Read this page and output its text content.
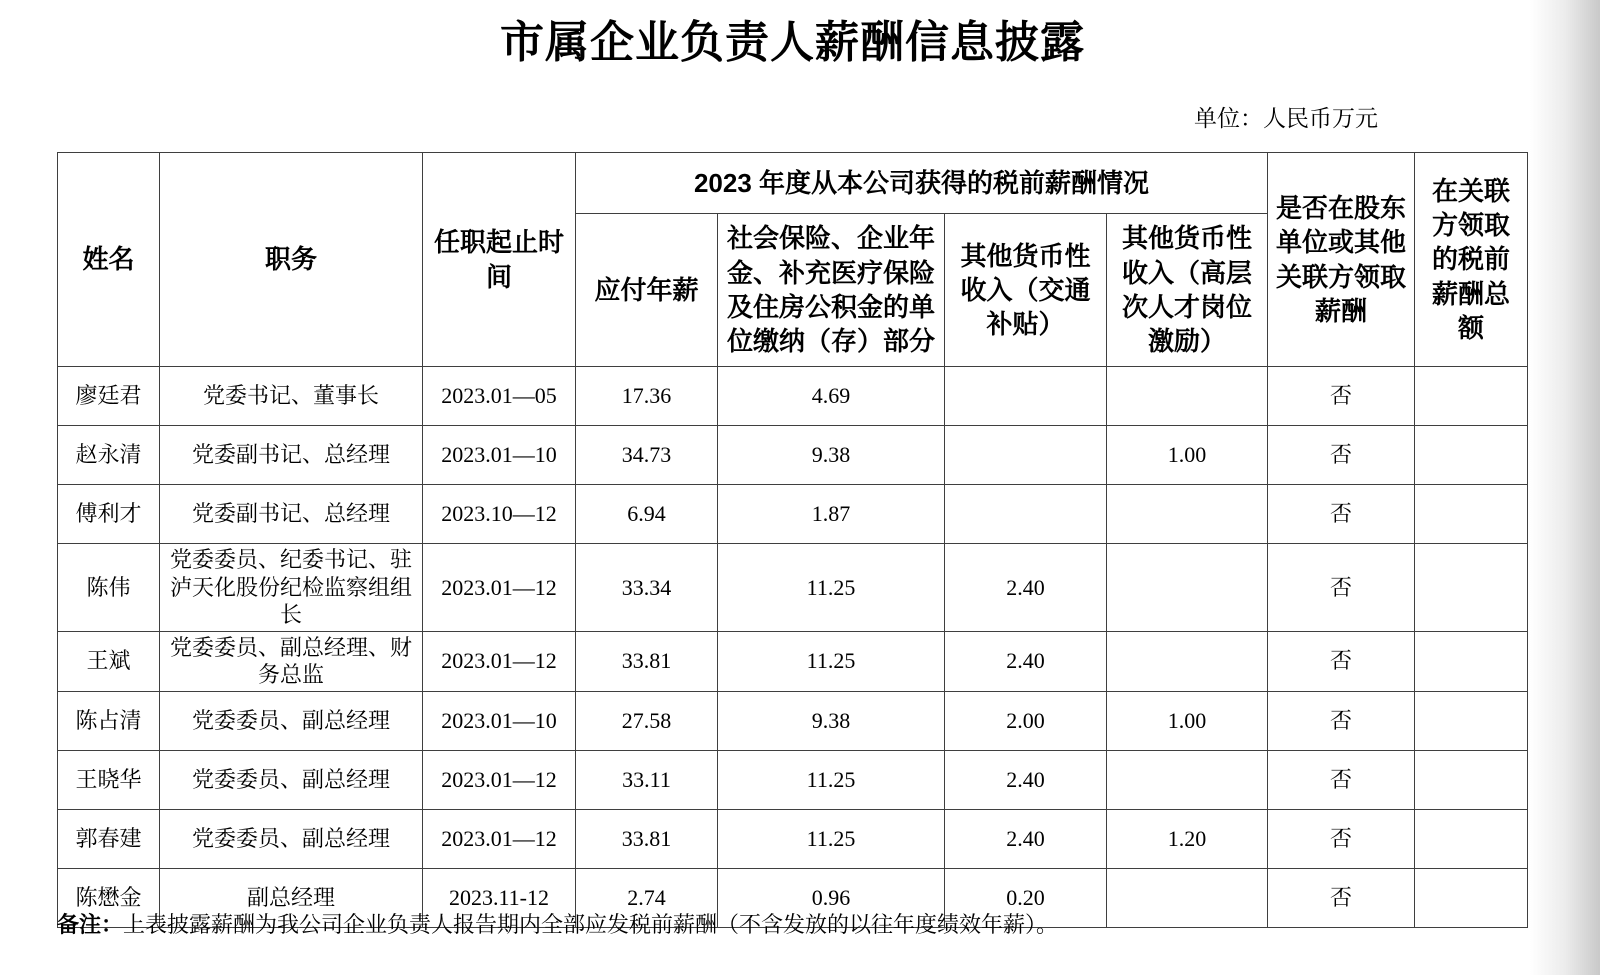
市属企业负责人薪酬信息披露
单位：人民币万元
姓名	职务	任职起止时间	2023 年度从本公司获得的税前薪酬情况				是否在股东单位或其他关联方领取薪酬	在关联方领取的税前薪酬总额
			应付年薪	社会保险、企业年金、补充医疗保险及住房公积金的单位缴纳（存）部分	其他货币性收入（交通补贴）	其他货币性收入（高层次人才岗位激励）		
廖廷君	党委书记、董事长	2023.01—05	17.36	4.69			否	
赵永清	党委副书记、总经理	2023.01—10	34.73	9.38		1.00	否	
傅利才	党委副书记、总经理	2023.10—12	6.94	1.87			否	
陈伟	党委委员、纪委书记、驻泸天化股份纪检监察组组长	2023.01—12	33.34	11.25	2.40		否	
王斌	党委委员、副总经理、财务总监	2023.01—12	33.81	11.25	2.40		否	
陈占清	党委委员、副总经理	2023.01—10	27.58	9.38	2.00	1.00	否	
王晓华	党委委员、副总经理	2023.01—12	33.11	11.25	2.40		否	
郭春建	党委委员、副总经理	2023.01—12	33.81	11.25	2.40	1.20	否	
陈懋金	副总经理	2023.11-12	2.74	0.96	0.20		否	

备注：上表披露薪酬为我公司企业负责人报告期内全部应发税前薪酬（不含发放的以往年度绩效年薪）。
